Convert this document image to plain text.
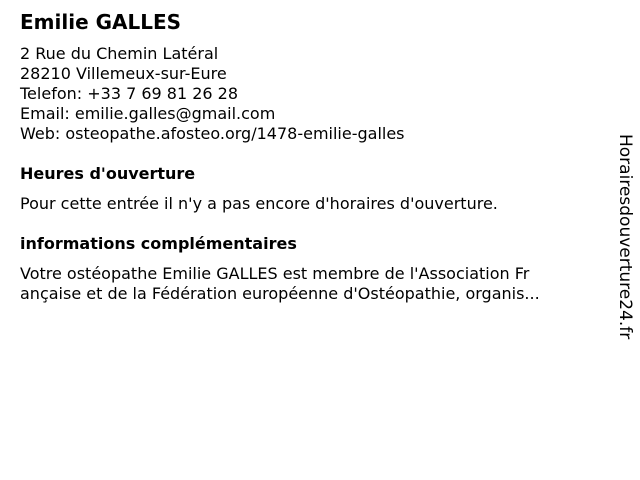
Emilie GALLES
2 Rue du Chemin Latéral
28210 Villemeux-sur-Eure
Telefon: +33 7 69 81 26 28
Email: emilie.galles@gmail.com
Web: osteopathe.afosteo.org/1478-emilie-galles
Heures d'ouverture
Pour cette entrée il n'y a pas encore d'horaires d'ouverture.
informations complémentaires
Votre ostéopathe Emilie GALLES est membre de l'Association Fr
ançaise et de la Fédération européenne d'Ostéopathie, organis...	Horairesdouverture24.fr
